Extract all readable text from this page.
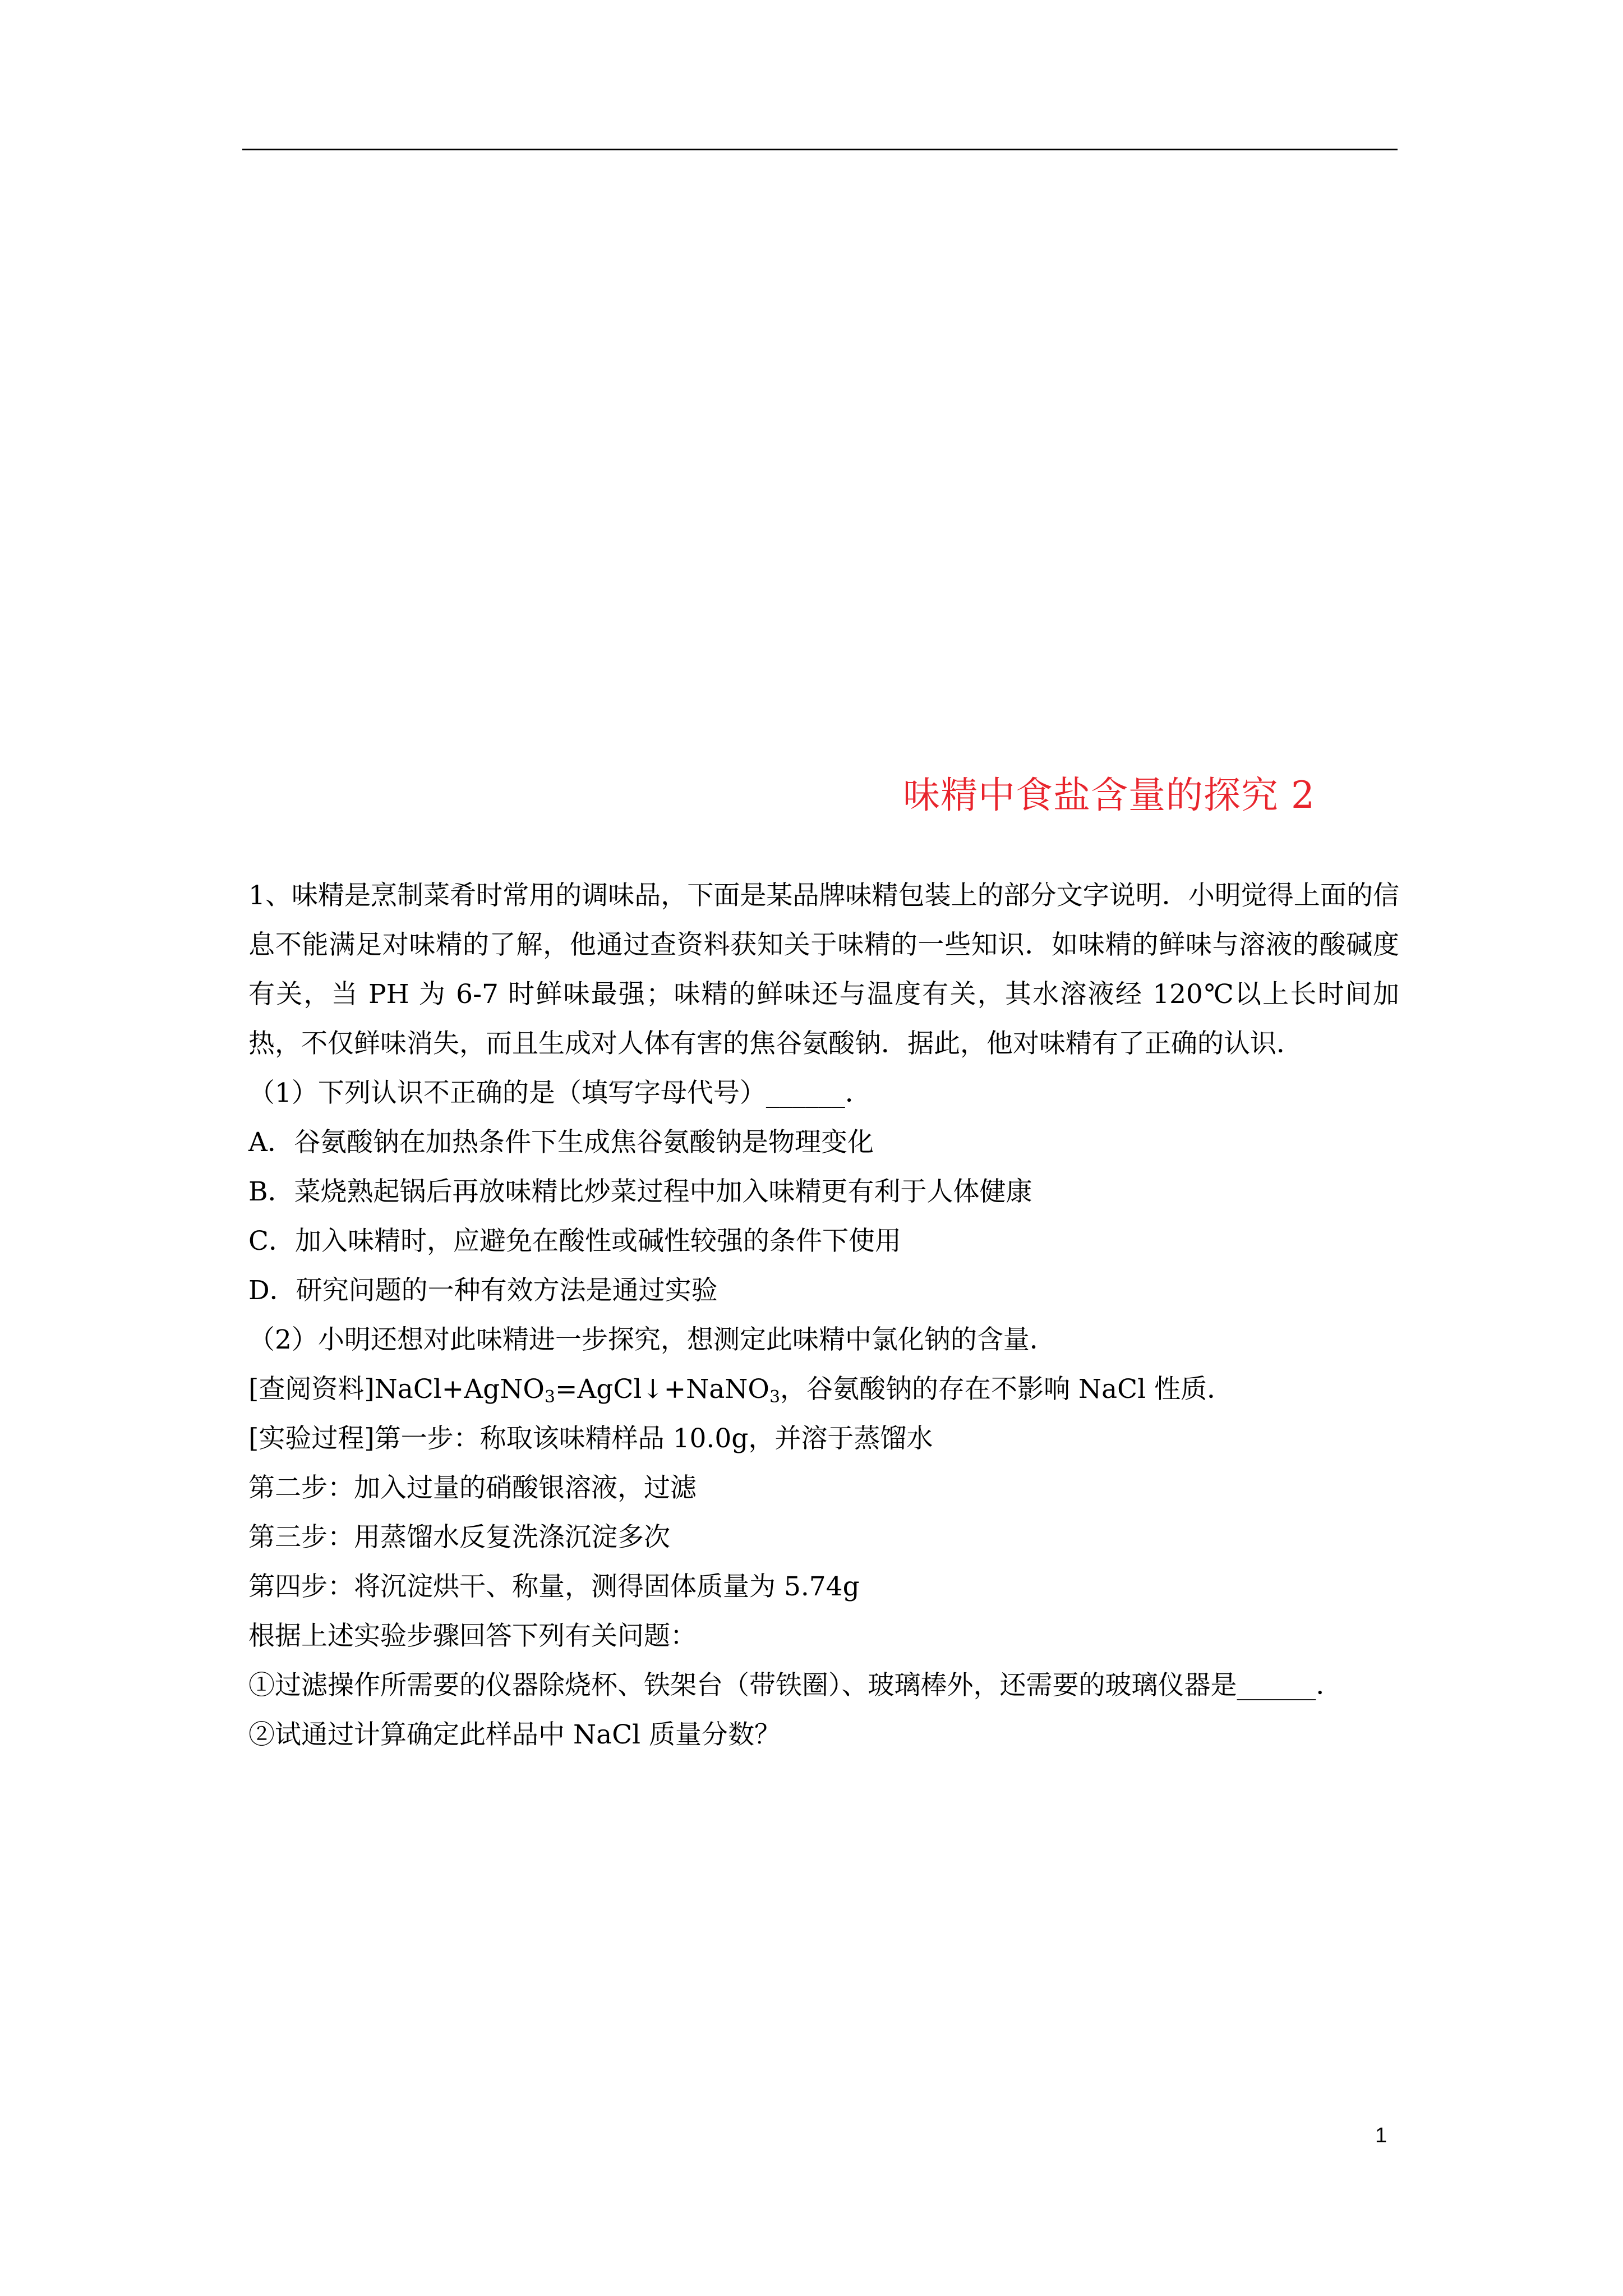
味精中食盐含量的探究 2

1、味精是烹制菜肴时常用的调味品，下面是某品牌味精包装上的部分文字说明．小明觉得上面的信息不能满足对味精的了解，他通过查资料获知关于味精的一些知识．如味精的鲜味与溶液的酸碱度有关，当 PH 为 6-7 时鲜味最强；味精的鲜味还与温度有关，其水溶液经 120℃以上长时间加热，不仅鲜味消失，而且生成对人体有害的焦谷氨酸钠．据此，他对味精有了正确的认识．

（1）下列认识不正确的是（填写字母代号）______．

A．谷氨酸钠在加热条件下生成焦谷氨酸钠是物理变化

B．菜烧熟起锅后再放味精比炒菜过程中加入味精更有利于人体健康

C．加入味精时，应避免在酸性或碱性较强的条件下使用

D．研究问题的一种有效方法是通过实验

（2）小明还想对此味精进一步探究，想测定此味精中氯化钠的含量．

[查阅资料]NaCl+AgNO$_3$=AgCl↓+NaNO$_3$，谷氨酸钠的存在不影响 NaCl 性质．

[实验过程]第一步：称取该味精样品 10.0g，并溶于蒸馏水

第二步：加入过量的硝酸银溶液，过滤

第三步：用蒸馏水反复洗涤沉淀多次

第四步：将沉淀烘干、称量，测得固体质量为 5.74g

根据上述实验步骤回答下列有关问题：

①过滤操作所需要的仪器除烧杯、铁架台（带铁圈）、玻璃棒外，还需要的玻璃仪器是______．

②试通过计算确定此样品中 NaCl 质量分数？

1
